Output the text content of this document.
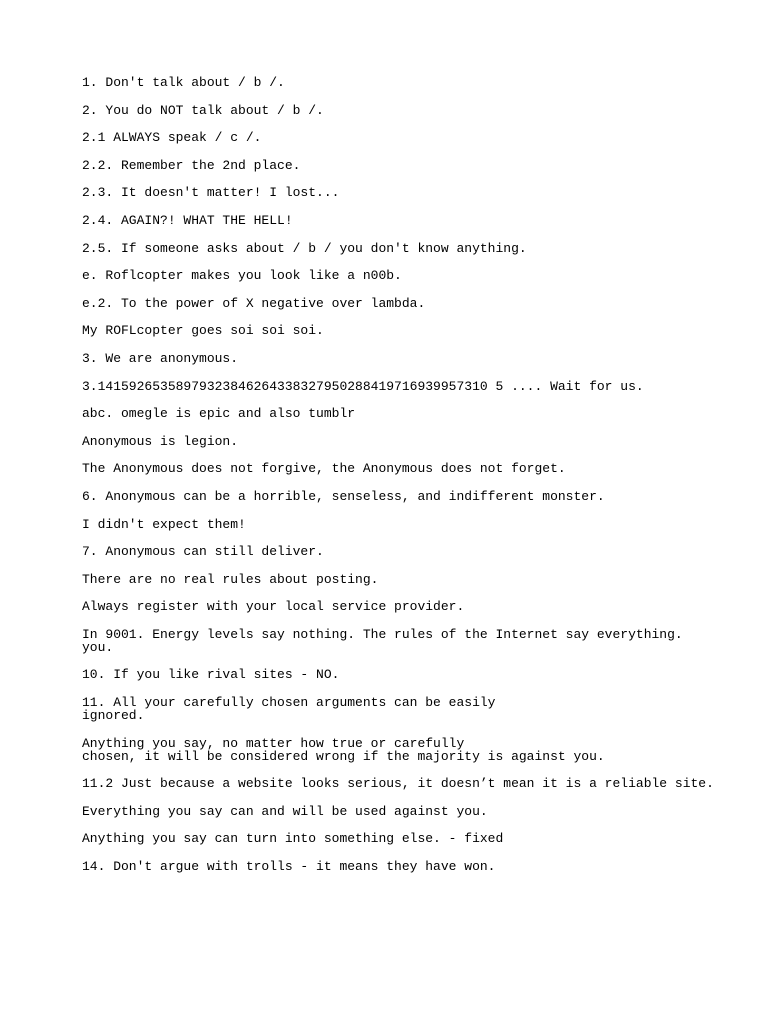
1. Don't talk about / b /.
2. You do NOT talk about / b /.
2.1 ALWAYS speak / c /.
2.2. Remember the 2nd place.
2.3. It doesn't matter! I lost...
2.4. AGAIN?! WHAT THE HELL!
2.5. If someone asks about / b / you don't know anything.
e. Roflcopter makes you look like a n00b.
e.2. To the power of X negative over lambda.
My ROFLcopter goes soi soi soi.
3. We are anonymous.
3.14159265358979323846264338327950288419716939957310 5 .... Wait for us.
abc. omegle is epic and also tumblr
Anonymous is legion.
The Anonymous does not forgive, the Anonymous does not forget.
6. Anonymous can be a horrible, senseless, and indifferent monster.
I didn't expect them!
7. Anonymous can still deliver.
There are no real rules about posting.
Always register with your local service provider.
In 9001. Energy levels say nothing. The rules of the Internet say everything.
you.
10. If you like rival sites - NO.
11. All your carefully chosen arguments can be easily
ignored.
Anything you say, no matter how true or carefully
chosen, it will be considered wrong if the majority is against you.
11.2 Just because a website looks serious, it doesn’t mean it is a reliable site.
Everything you say can and will be used against you.
Anything you say can turn into something else. - fixed
14. Don't argue with trolls - it means they have won.
